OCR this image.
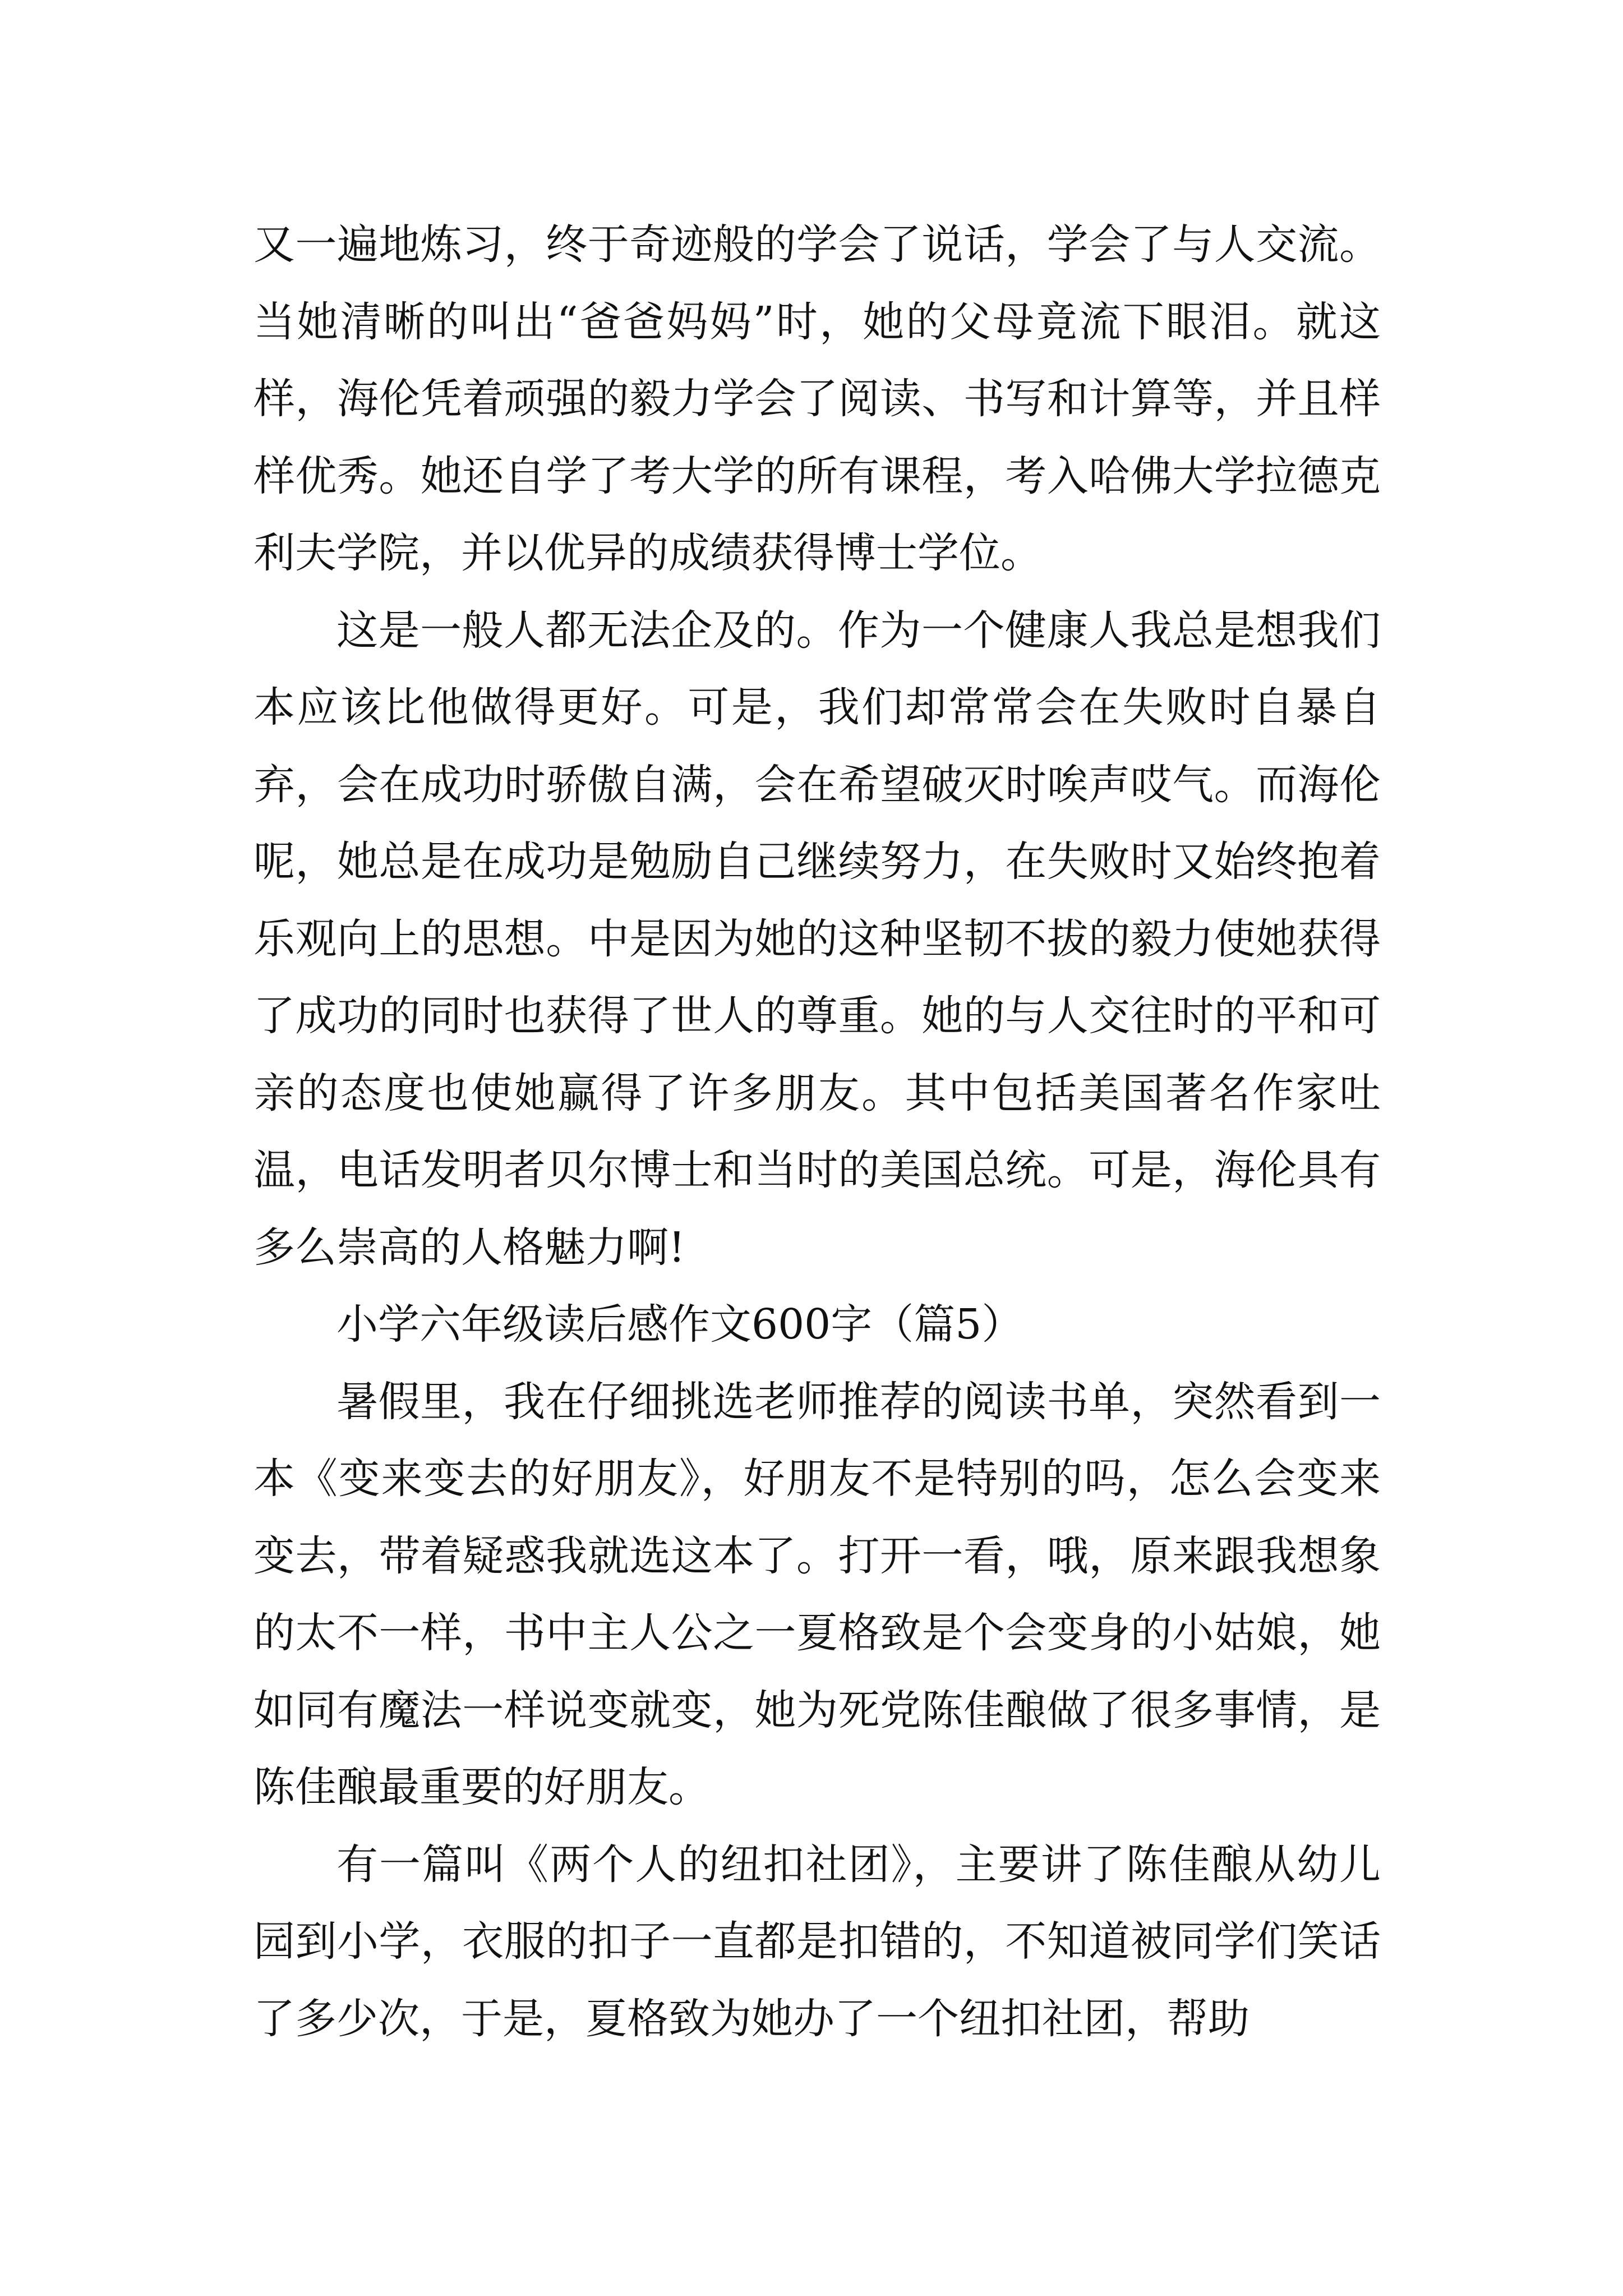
又一遍地炼习，终于奇迹般的学会了说话，学会了与人交流。当她清晰的叫出“爸爸妈妈”时，她的父母竟流下眼泪。就这样，海伦凭着顽强的毅力学会了阅读、书写和计算等，并且样样优秀。她还自学了考大学的所有课程，考入哈佛大学拉德克利夫学院，并以优异的成绩获得博士学位。

这是一般人都无法企及的。作为一个健康人我总是想我们本应该比他做得更好。可是，我们却常常会在失败时自暴自弃，会在成功时骄傲自满，会在希望破灭时唉声哎气。而海伦呢，她总是在成功是勉励自己继续努力，在失败时又始终抱着乐观向上的思想。中是因为她的这种坚韧不拔的毅力使她获得了成功的同时也获得了世人的尊重。她的与人交往时的平和可亲的态度也使她赢得了许多朋友。其中包括美国著名作家吐温，电话发明者贝尔博士和当时的美国总统。可是，海伦具有多么崇高的人格魅力啊!

小学六年级读后感作文600字（篇5）

暑假里，我在仔细挑选老师推荐的阅读书单，突然看到一本《变来变去的好朋友》，好朋友不是特别的吗，怎么会变来变去，带着疑惑我就选这本了。打开一看，哦，原来跟我想象的太不一样，书中主人公之一夏格致是个会变身的小姑娘，她如同有魔法一样说变就变，她为死党陈佳酿做了很多事情，是陈佳酿最重要的好朋友。

有一篇叫《两个人的纽扣社团》，主要讲了陈佳酿从幼儿园到小学，衣服的扣子一直都是扣错的，不知道被同学们笑话了多少次，于是，夏格致为她办了一个纽扣社团，帮助
